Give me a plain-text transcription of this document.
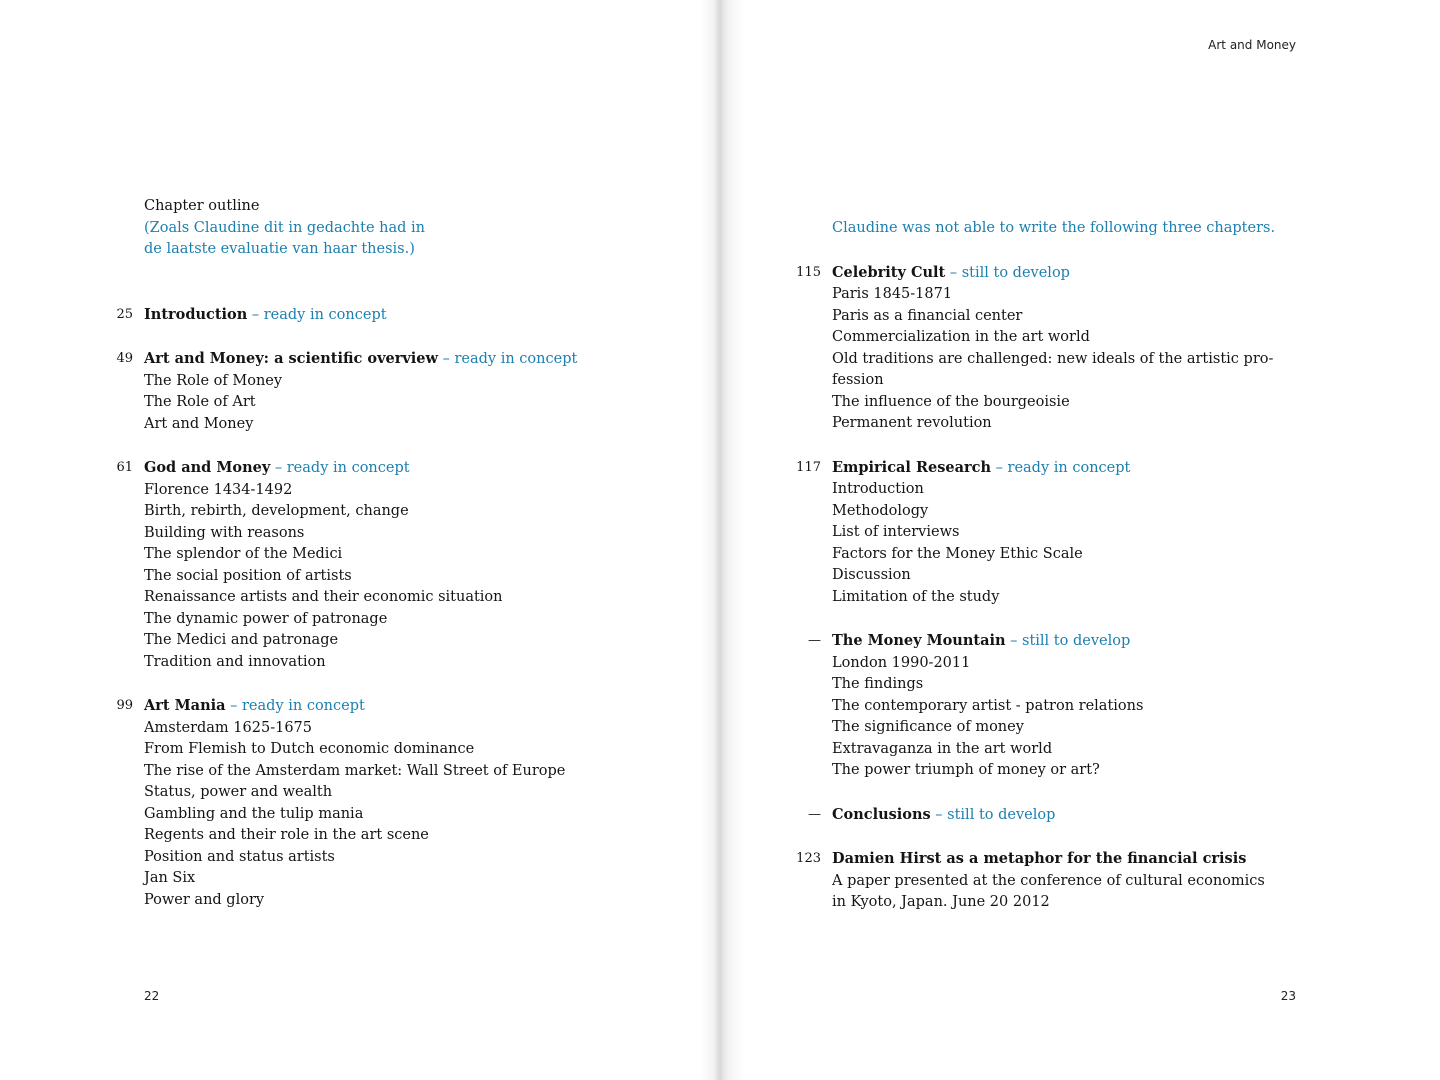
Art and Money
Chapter outline
(Zoals Claudine dit in gedachte had in
de laatste evaluatie van haar thesis.)
25 Introduction – ready in concept
49 Art and Money: a scientific overview – ready in concept
The Role of Money
The Role of Art
Art and Money
61 God and Money – ready in concept
Florence 1434-1492
Birth, rebirth, development, change
Building with reasons
The splendor of the Medici
The social position of artists
Renaissance artists and their economic situation
The dynamic power of patronage
The Medici and patronage
Tradition and innovation
99 Art Mania – ready in concept
Amsterdam 1625-1675
From Flemish to Dutch economic dominance
The rise of the Amsterdam market: Wall Street of Europe
Status, power and wealth
Gambling and the tulip mania
Regents and their role in the art scene
Position and status artists
Jan Six
Power and glory
22
Claudine was not able to write the following three chapters.
115 Celebrity Cult – still to develop
Paris 1845-1871
Paris as a financial center
Commercialization in the art world
Old traditions are challenged: new ideals of the artistic pro-
fession
The influence of the bourgeoisie
Permanent revolution
117 Empirical Research – ready in concept
Introduction
Methodology
List of interviews
Factors for the Money Ethic Scale
Discussion
Limitation of the study
— The Money Mountain – still to develop
London 1990-2011
The findings
The contemporary artist - patron relations
The significance of money
Extravaganza in the art world
The power triumph of money or art?
— Conclusions – still to develop
123 Damien Hirst as a metaphor for the financial crisis
A paper presented at the conference of cultural economics
in Kyoto, Japan. June 20 2012
23
